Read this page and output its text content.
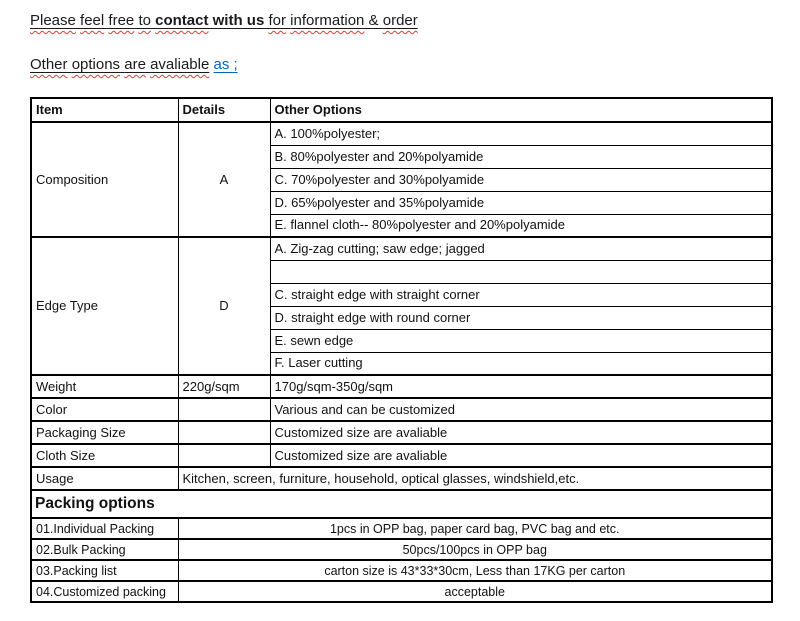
Please feel free to contact with us for information & order
Other options are avaliable as ;
Item	Details	Other Options
Composition	A	A. 100%polyester;
		B. 80%polyester and 20%polyamide
		C. 70%polyester and 30%polyamide
		D. 65%polyester and 35%polyamide
		E. flannel cloth-- 80%polyester and 20%polyamide
Edge Type	D	A. Zig-zag cutting; saw edge; jagged

		C. straight edge with straight corner
		D. straight edge with round corner
		E. sewn edge
		F. Laser cutting
Weight	220g/sqm	170g/sqm-350g/sqm
Color		Various and can be customized
Packaging Size		Customized size are avaliable
Cloth Size		Customized size are avaliable
Usage	Kitchen, screen, furniture, household, optical glasses, windshield,etc.	
Packing options		
01.Individual Packing	1pcs in OPP bag, paper card bag, PVC bag and etc.	
02.Bulk Packing	50pcs/100pcs in OPP bag	
03.Packing list	carton size is 43*33*30cm, Less than 17KG per carton	
04.Customized packing	acceptable	
